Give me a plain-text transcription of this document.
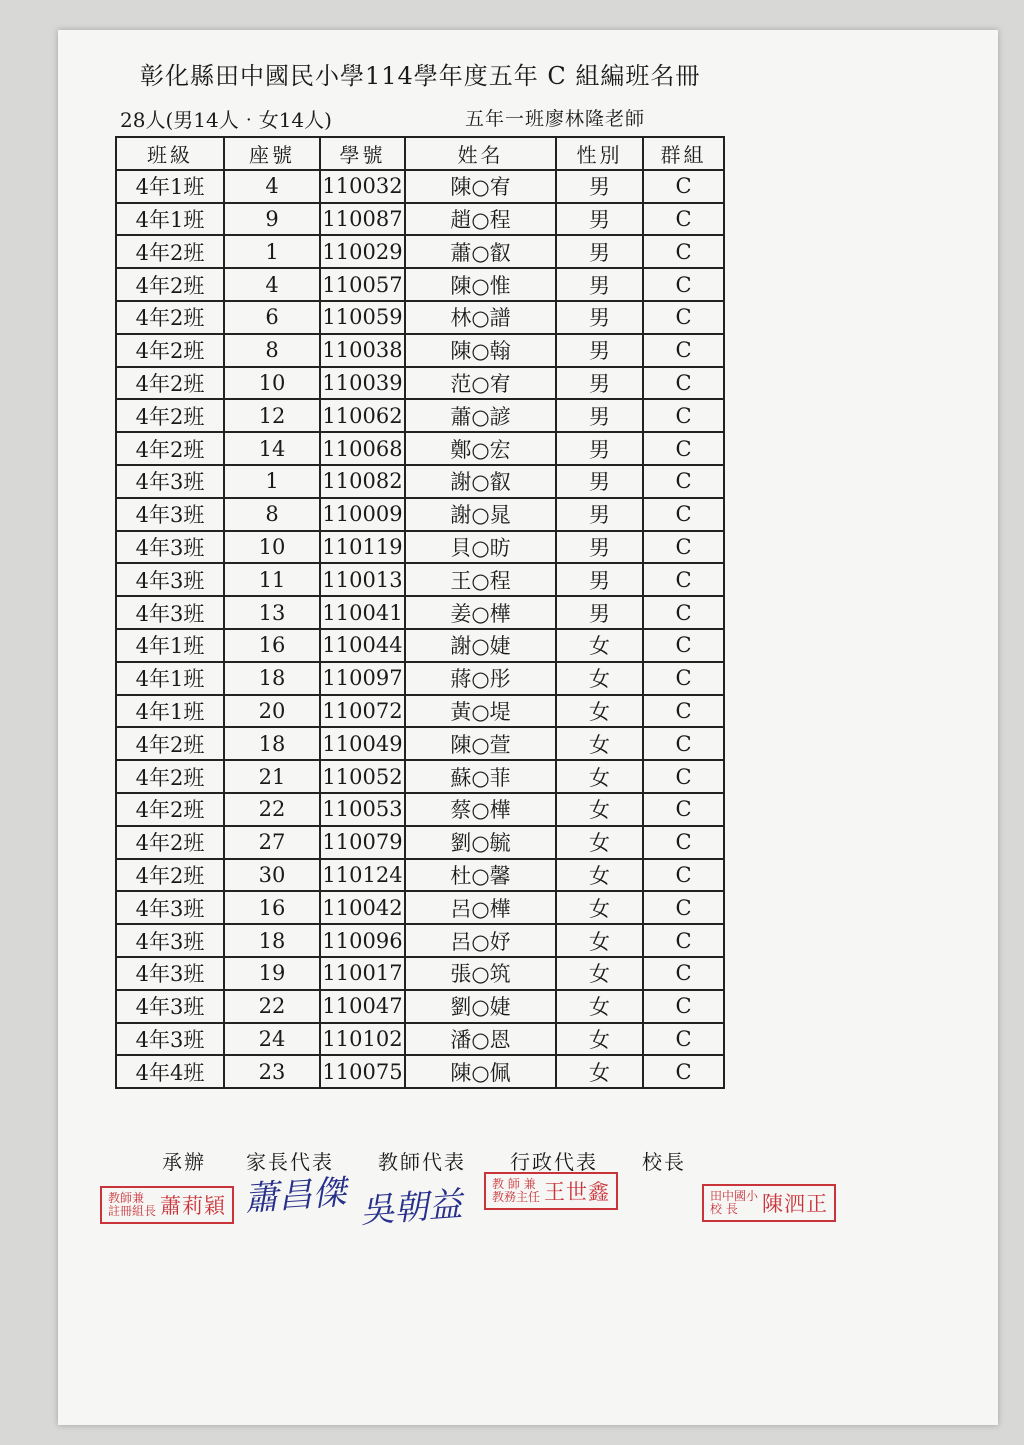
彰化縣田中國民小學114學年度五年 C 組編班名冊
28人(男14人‧女14人)	五年一班廖林隆老師
班級	座號	學號	姓名	性別	群組
4年1班	4	110032	陳○宥	男	C
4年1班	9	110087	趙○程	男	C
4年2班	1	110029	蕭○叡	男	C
4年2班	4	110057	陳○惟	男	C
4年2班	6	110059	林○譜	男	C
4年2班	8	110038	陳○翰	男	C
4年2班	10	110039	范○宥	男	C
4年2班	12	110062	蕭○諺	男	C
4年2班	14	110068	鄭○宏	男	C
4年3班	1	110082	謝○叡	男	C
4年3班	8	110009	謝○晁	男	C
4年3班	10	110119	貝○昉	男	C
4年3班	11	110013	王○程	男	C
4年3班	13	110041	姜○樺	男	C
4年1班	16	110044	謝○婕	女	C
4年1班	18	110097	蔣○彤	女	C
4年1班	20	110072	黃○堤	女	C
4年2班	18	110049	陳○萱	女	C
4年2班	21	110052	蘇○菲	女	C
4年2班	22	110053	蔡○樺	女	C
4年2班	27	110079	劉○毓	女	C
4年2班	30	110124	杜○馨	女	C
4年3班	16	110042	呂○樺	女	C
4年3班	18	110096	呂○妤	女	C
4年3班	19	110017	張○筑	女	C
4年3班	22	110047	劉○婕	女	C
4年3班	24	110102	潘○恩	女	C
4年4班	23	110075	陳○佩	女	C
承辦 家長代表 教師代表 行政代表 校長
教師兼
註冊組長 蕭莉穎 蕭昌傑 吳朝益
教 師 兼
教務主任 王世鑫	田中國小
校 長	陳泗正
